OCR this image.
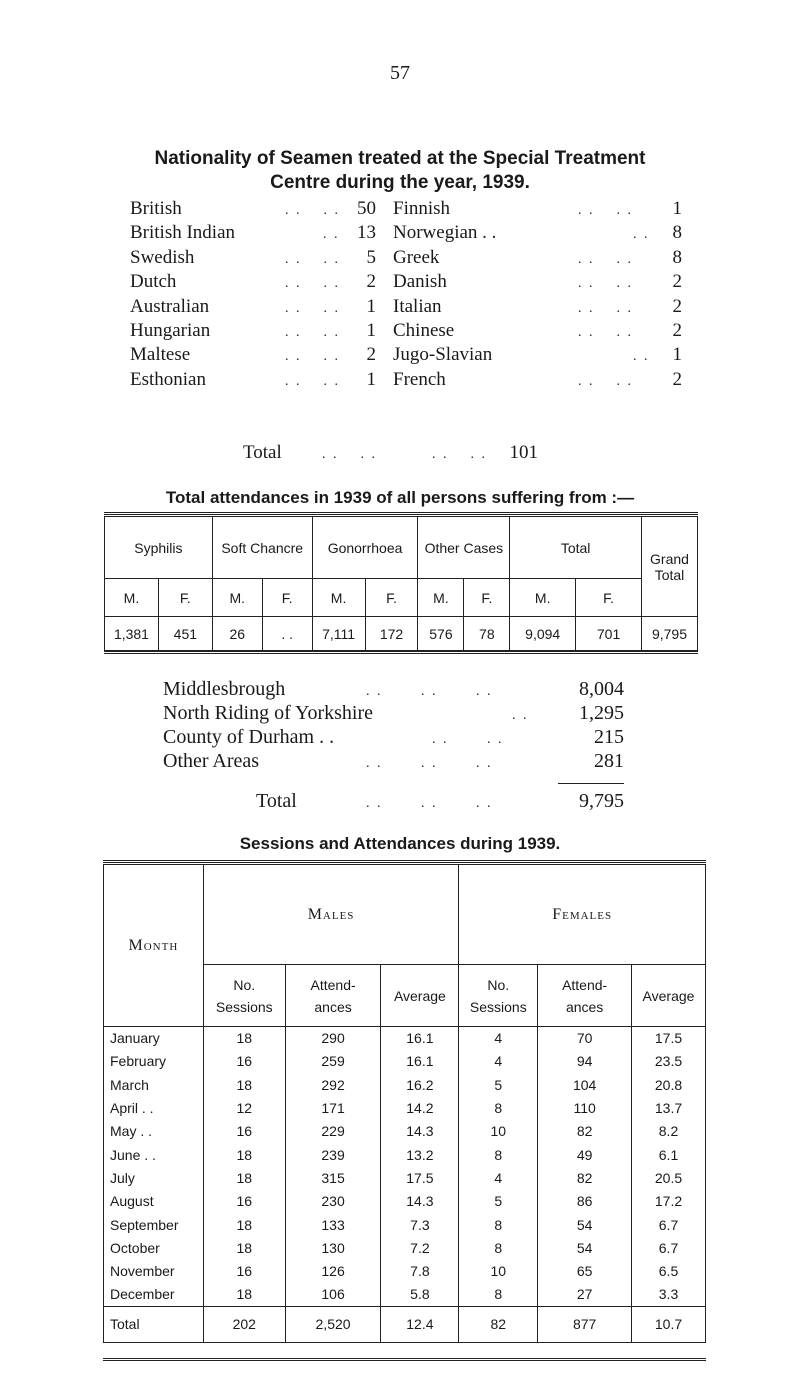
57
Nationality of Seamen treated at the Special Treatment
Centre during the year, 1939.
British	. .    . . 50
British Indian	. . 13
Swedish	. .    . .	5
Dutch	. .    . .	2
Australian	. .    . .	1
Hungarian	. .    . .	1
Maltese	. .    . .	2
Esthonian	. .    . .	1
Finnish	. .    . .	1
Norwegian . .	. .	8
Greek	. .    . .	8
Danish	. .    . .	2
Italian	. .    . .	2
Chinese	. .    . .	2
Jugo-Slavian	. .	1
French	. .    . .	2
Total	. .    . .          . .    . .	101
Total attendances in 1939 of all persons suffering from :—
Syphilis		Soft Chancre		Gonorrhoea		Other Cases		Total		Grand Total
M.	F.	M.	F.	M.	F.	M.	F.	M.	F.	
1,381	451	26	. .	7,111	172	576	78	9,094	701	9,795
Middlesbrough	. .       . .       . .	8,004
North Riding of Yorkshire	. .	1,295
County of Durham . .	. .       . .	215
Other Areas	. .       . .       . .	281
Total	. .       . .       . .	9,795
Sessions and Attendances during 1939.
Month	Males			Females		
	No. Sessions	Attend- ances	Average	No. Sessions	Attend- ances	Average
January	18	290	16.1	4	70	17.5
February	16	259	16.1	4	94	23.5
March	18	292	16.2	5	104	20.8
April . .	12	171	14.2	8	110	13.7
May . .	16	229	14.3	10	82	8.2
June . .	18	239	13.2	8	49	6.1
July	18	315	17.5	4	82	20.5
August	16	230	14.3	5	86	17.2
September	18	133	7.3	8	54	6.7
October	18	130	7.2	8	54	6.7
November	16	126	7.8	10	65	6.5
December	18	106	5.8	8	27	3.3
Total	202	2,520	12.4	82	877	10.7
